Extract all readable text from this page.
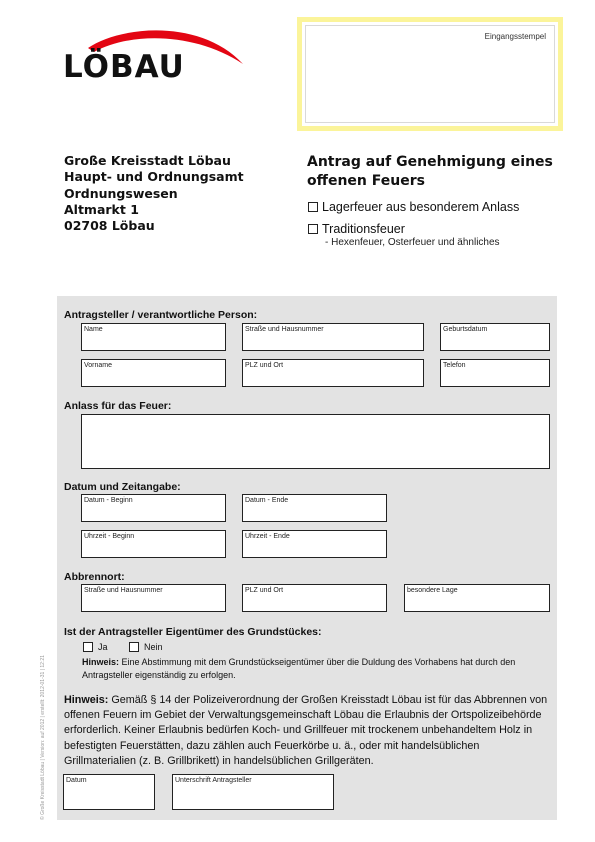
LÖBAU
Eingangsstempel
Große Kreisstadt Löbau
Haupt- und Ordnungsamt
Ordnungswesen
Altmarkt 1
02708 Löbau
Antrag auf Genehmigung eines offenen Feuers
Lagerfeuer aus besonderem Anlass
Traditionsfeuer
- Hexenfeuer, Osterfeuer und ähnliches
© Große Kreisstadt Löbau | Version: auf 2012 | erstellt: 2012-01-31 | 12:21
Antragsteller / verantwortliche Person:
Name	Straße und Hausnummer	Geburtsdatum
Vorname	PLZ und Ort	Telefon
Anlass für das Feuer:
Datum und Zeitangabe:
Datum - Beginn	Datum - Ende
Uhrzeit - Beginn	Uhrzeit - Ende
Abbrennort:
Straße und Hausnummer	PLZ und Ort	besondere Lage
Ist der Antragsteller Eigentümer des Grundstückes:
Ja	Nein
Hinweis: Eine Abstimmung mit dem Grundstückseigentümer über die Duldung des Vorhabens hat durch den Antragsteller eigenständig zu erfolgen.
Hinweis: Gemäß § 14 der Polizeiverordnung der Großen Kreisstadt Löbau ist für das Abbrennen von offenen Feuern im Gebiet der Verwaltungsgemeinschaft Löbau die Erlaubnis der Ortspolizeibehörde erforderlich. Keiner Erlaubnis bedürfen Koch- und Grillfeuer mit trockenem unbehandeltem Holz in befestigten Feuerstätten, dazu zählen auch Feuerkörbe u. ä., oder mit handelsüblichen Grillmaterialien (z. B. Grillbrikett) in handelsüblichen Grillgeräten.
Datum	Unterschrift Antragsteller
